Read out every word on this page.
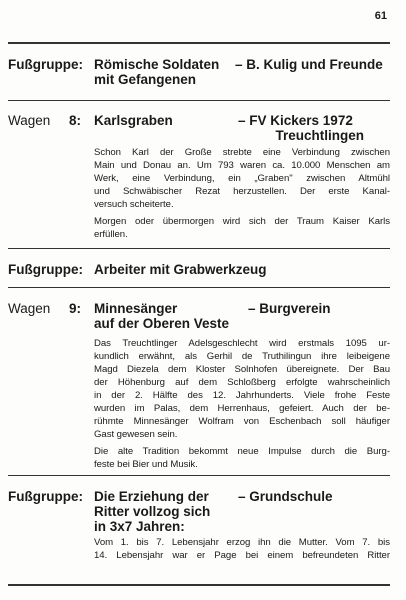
61
Fußgruppe: Römische Soldaten
mit Gefangenen
– B. Kulig und Freunde
Wagen 8: Karlsgraben	– FV Kickers 1972
Treuchtlingen

Schon Karl der Große strebte eine Verbindung zwischen
Main und Donau an. Um 793 waren ca. 10.000 Menschen am
Werk, eine Verbindung, ein „Graben" zwischen Altmühl
und Schwäbischer Rezat herzustellen. Der erste Kanal-
versuch scheiterte.

Morgen oder übermorgen wird sich der Traum Kaiser Karls
erfüllen.

Fußgruppe: Arbeiter mit Grabwerkzeug
Wagen 9: Minnesänger
auf der Oberen Veste
– Burgverein

Das Treuchtlinger Adelsgeschlecht wird erstmals 1095 ur-
kundlich erwähnt, als Gerhil de Truthilingun ihre leibeigene
Magd Diezela dem Kloster Solnhofen übereignete. Der Bau
der Höhenburg auf dem Schloßberg erfolgte wahrscheinlich
in der 2. Hälfte des 12. Jahrhunderts. Viele frohe Feste
wurden im Palas, dem Herrenhaus, gefeiert. Auch der be-
rühmte Minnesänger Wolfram von Eschenbach soll häufiger
Gast gewesen sein.

Die alte Tradition bekommt neue Impulse durch die Burg-
feste bei Bier und Musik.

Fußgruppe: Die Erziehung der
Ritter vollzog sich
in 3x7 Jahren:
– Grundschule

Vom 1. bis 7. Lebensjahr erzog ihn die Mutter. Vom 7. bis
14. Lebensjahr war er Page bei einem befreundeten Ritter
